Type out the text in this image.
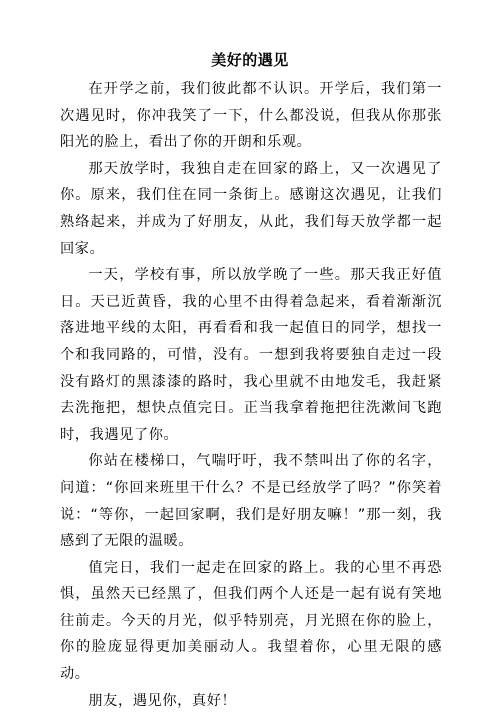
美好的遇见

在开学之前，我们彼此都不认识。开学后，我们第一次遇见时，你冲我笑了一下，什么都没说，但我从你那张阳光的脸上，看出了你的开朗和乐观。

那天放学时，我独自走在回家的路上，又一次遇见了你。原来，我们住在同一条街上。感谢这次遇见，让我们熟络起来，并成为了好朋友，从此，我们每天放学都一起回家。

一天，学校有事，所以放学晚了一些。那天我正好值日。天已近黄昏，我的心里不由得着急起来，看着渐渐沉落进地平线的太阳，再看看和我一起值日的同学，想找一个和我同路的，可惜，没有。一想到我将要独自走过一段没有路灯的黑漆漆的路时，我心里就不由地发毛，我赶紧去洗拖把，想快点值完日。正当我拿着拖把往洗漱间飞跑时，我遇见了你。

你站在楼梯口，气喘吁吁，我不禁叫出了你的名字，问道：“你回来班里干什么？不是已经放学了吗？”你笑着说：“等你，一起回家啊，我们是好朋友嘛！”那一刻，我感到了无限的温暖。

值完日，我们一起走在回家的路上。我的心里不再恐惧，虽然天已经黑了，但我们两个人还是一起有说有笑地往前走。今天的月光，似乎特别亮，月光照在你的脸上，你的脸庞显得更加美丽动人。我望着你，心里无限的感动。

朋友，遇见你，真好！
